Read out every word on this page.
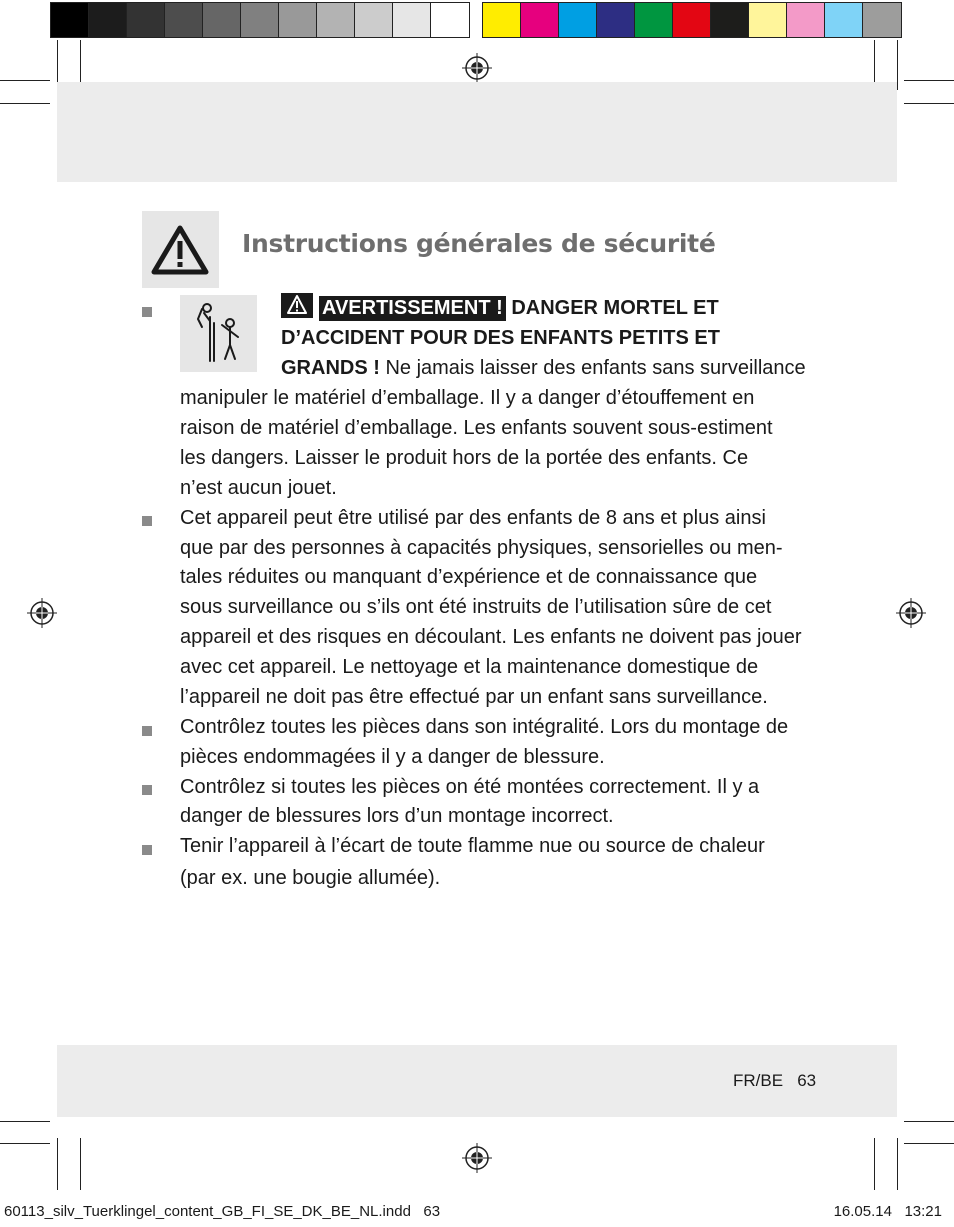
Instructions générales de sécurité
AVERTISSEMENT ! DANGER MORTEL ET
D’ACCIDENT POUR DES ENFANTS PETITS ET
GRANDS ! Ne jamais laisser des enfants sans surveillance
manipuler le matériel d’emballage. Il y a danger d’étouffement en
raison de matériel d’emballage. Les enfants souvent sous-estiment
les dangers. Laisser le produit hors de la portée des enfants. Ce
n’est aucun jouet.
Cet appareil peut être utilisé par des enfants de 8 ans et plus ainsi
que par des personnes à capacités physiques, sensorielles ou men-
tales réduites ou manquant d’expérience et de connaissance que
sous surveillance ou s’ils ont été instruits de l’utilisation sûre de cet
appareil et des risques en découlant. Les enfants ne doivent pas jouer
avec cet appareil. Le nettoyage et la maintenance domestique de
l’appareil ne doit pas être effectué par un enfant sans surveillance.
Contrôlez toutes les pièces dans son intégralité. Lors du montage de
pièces endommagées il y a danger de blessure.
Contrôlez si toutes les pièces on été montées correctement. Il y a
danger de blessures lors d’un montage incorrect.
Tenir l’appareil à l’écart de toute flamme nue ou source de chaleur
(par ex. une bougie allumée).
FR/BE   63
60113_silv_Tuerklingel_content_GB_FI_SE_DK_BE_NL.indd   63	16.05.14   13:21
